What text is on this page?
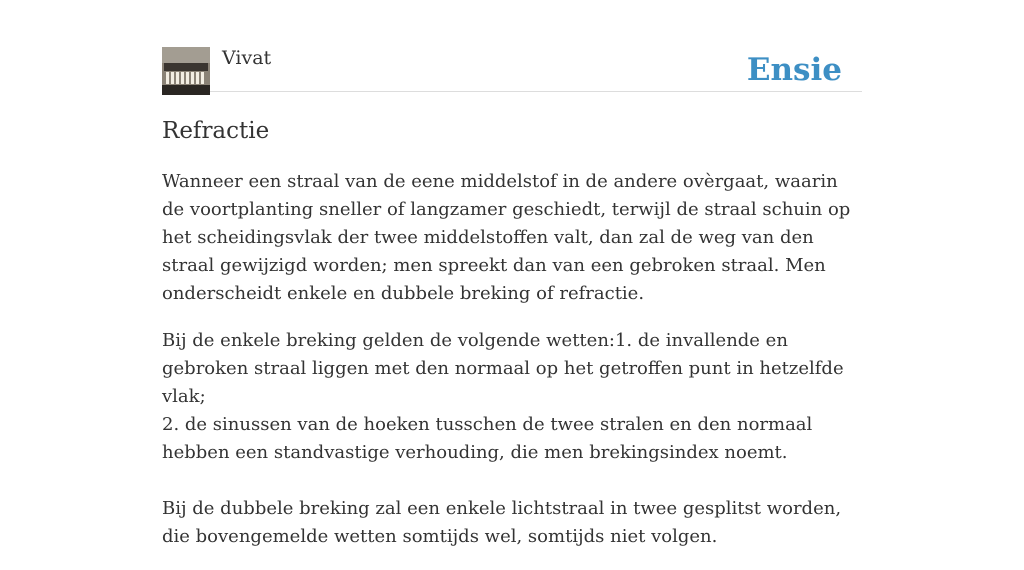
Vivat	Ensie
Refractie

Wanneer een straal van de eene middelstof in de andere ovèrgaat, waarin de voortplanting sneller of langzamer geschiedt, terwijl de straal schuin op het scheidingsvlak der twee middelstoffen valt, dan zal de weg van den straal gewijzigd worden; men spreekt dan van een gebroken straal. Men onderscheidt enkele en dubbele breking of refractie.

Bij de enkele breking gelden de volgende wetten:1. de invallende en gebroken straal liggen met den normaal op het getroffen punt in hetzelfde vlak;
2. de sinussen van de hoeken tusschen de twee stralen en den normaal hebben een standvastige verhouding, die men brekingsindex noemt.

Bij de dubbele breking zal een enkele lichtstraal in twee gesplitst worden, die bovengemelde wetten somtijds wel, somtijds niet volgen.
